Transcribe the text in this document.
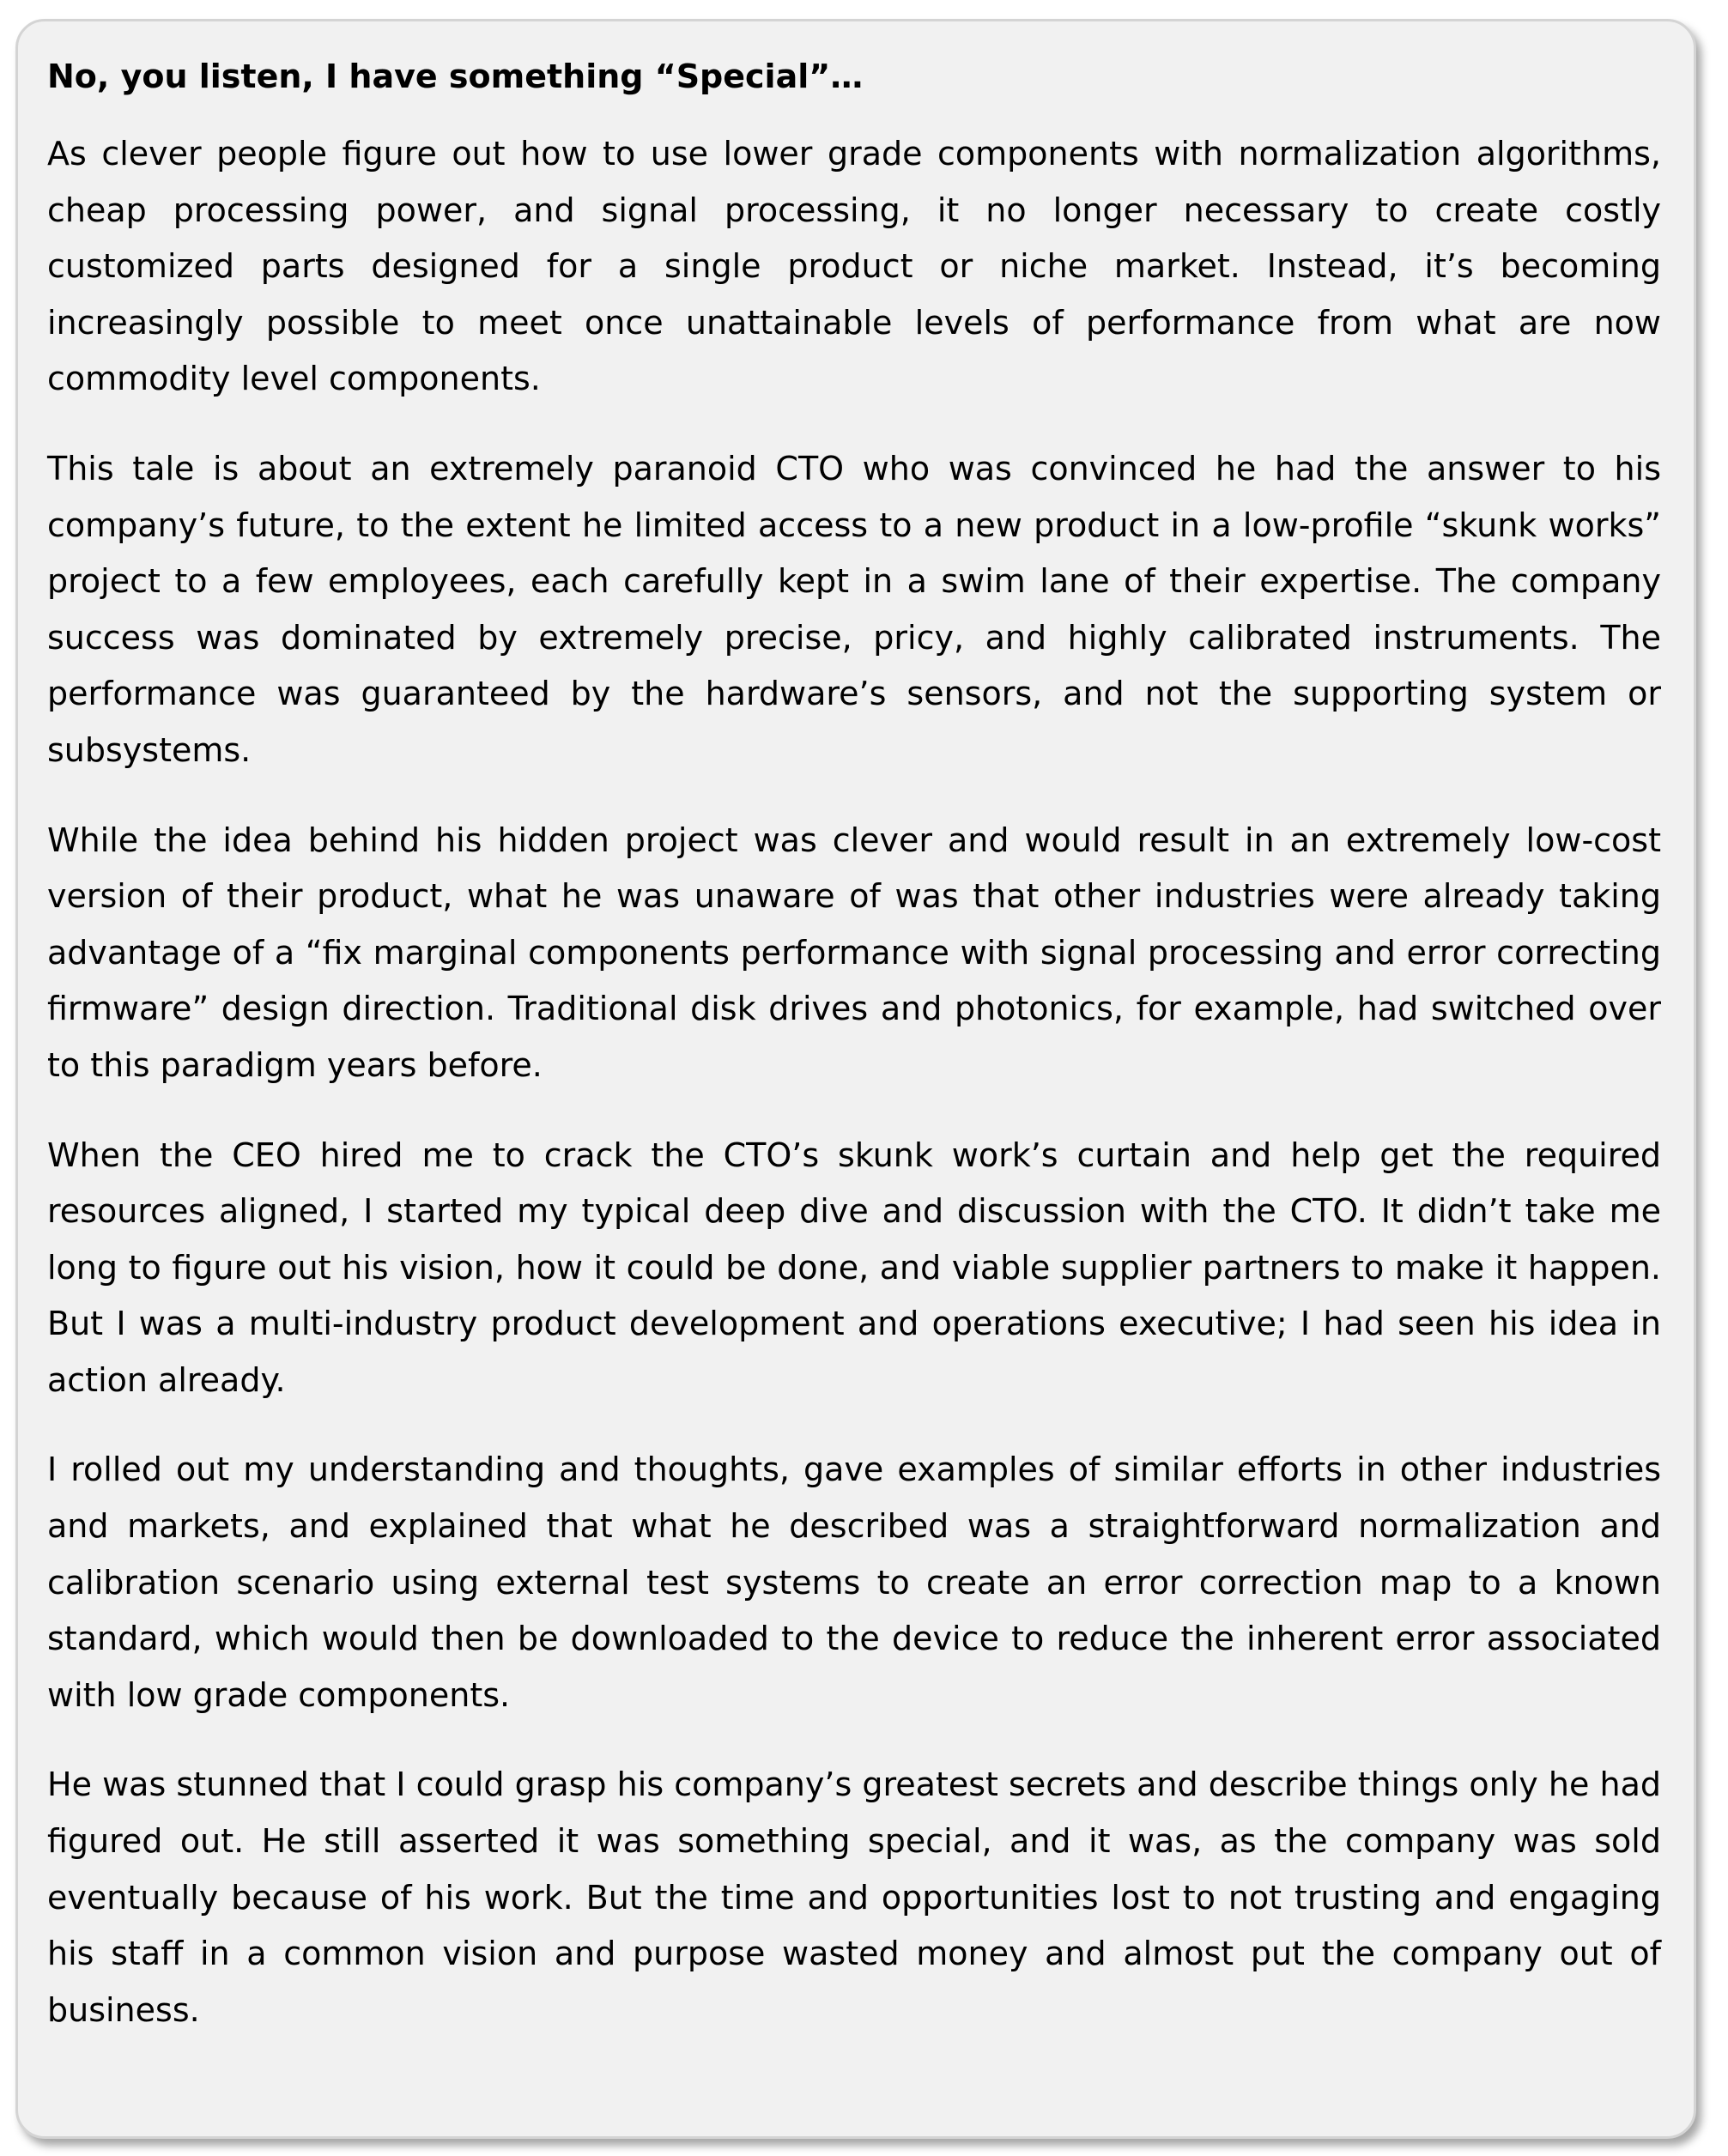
No, you listen, I have something “Special”…

As clever people figure out how to use lower grade components with normalization algorithms, cheap processing power, and signal processing, it no longer necessary to create costly customized parts designed for a single product or niche market. Instead, it’s becoming increasingly possible to meet once unattainable levels of performance from what are now commodity level components.

This tale is about an extremely paranoid CTO who was convinced he had the answer to his company’s future, to the extent he limited access to a new product in a low-profile “skunk works” project to a few employees, each carefully kept in a swim lane of their expertise. The company success was dominated by extremely precise, pricy, and highly calibrated instruments. The performance was guaranteed by the hardware’s sensors, and not the supporting system or subsystems.

While the idea behind his hidden project was clever and would result in an extremely low-cost version of their product, what he was unaware of was that other industries were already taking advantage of a “fix marginal components performance with signal processing and error correcting firmware” design direction. Traditional disk drives and photonics, for example, had switched over to this paradigm years before.

When the CEO hired me to crack the CTO’s skunk work’s curtain and help get the required resources aligned, I started my typical deep dive and discussion with the CTO. It didn’t take me long to figure out his vision, how it could be done, and viable supplier partners to make it happen. But I was a multi-industry product development and operations executive; I had seen his idea in action already.

I rolled out my understanding and thoughts, gave examples of similar efforts in other industries and markets, and explained that what he described was a straightforward normalization and calibration scenario using external test systems to create an error correction map to a known standard, which would then be downloaded to the device to reduce the inherent error associated with low grade components.

He was stunned that I could grasp his company’s greatest secrets and describe things only he had figured out. He still asserted it was something special, and it was, as the company was sold eventually because of his work. But the time and opportunities lost to not trusting and engaging his staff in a common vision and purpose wasted money and almost put the company out of business.
